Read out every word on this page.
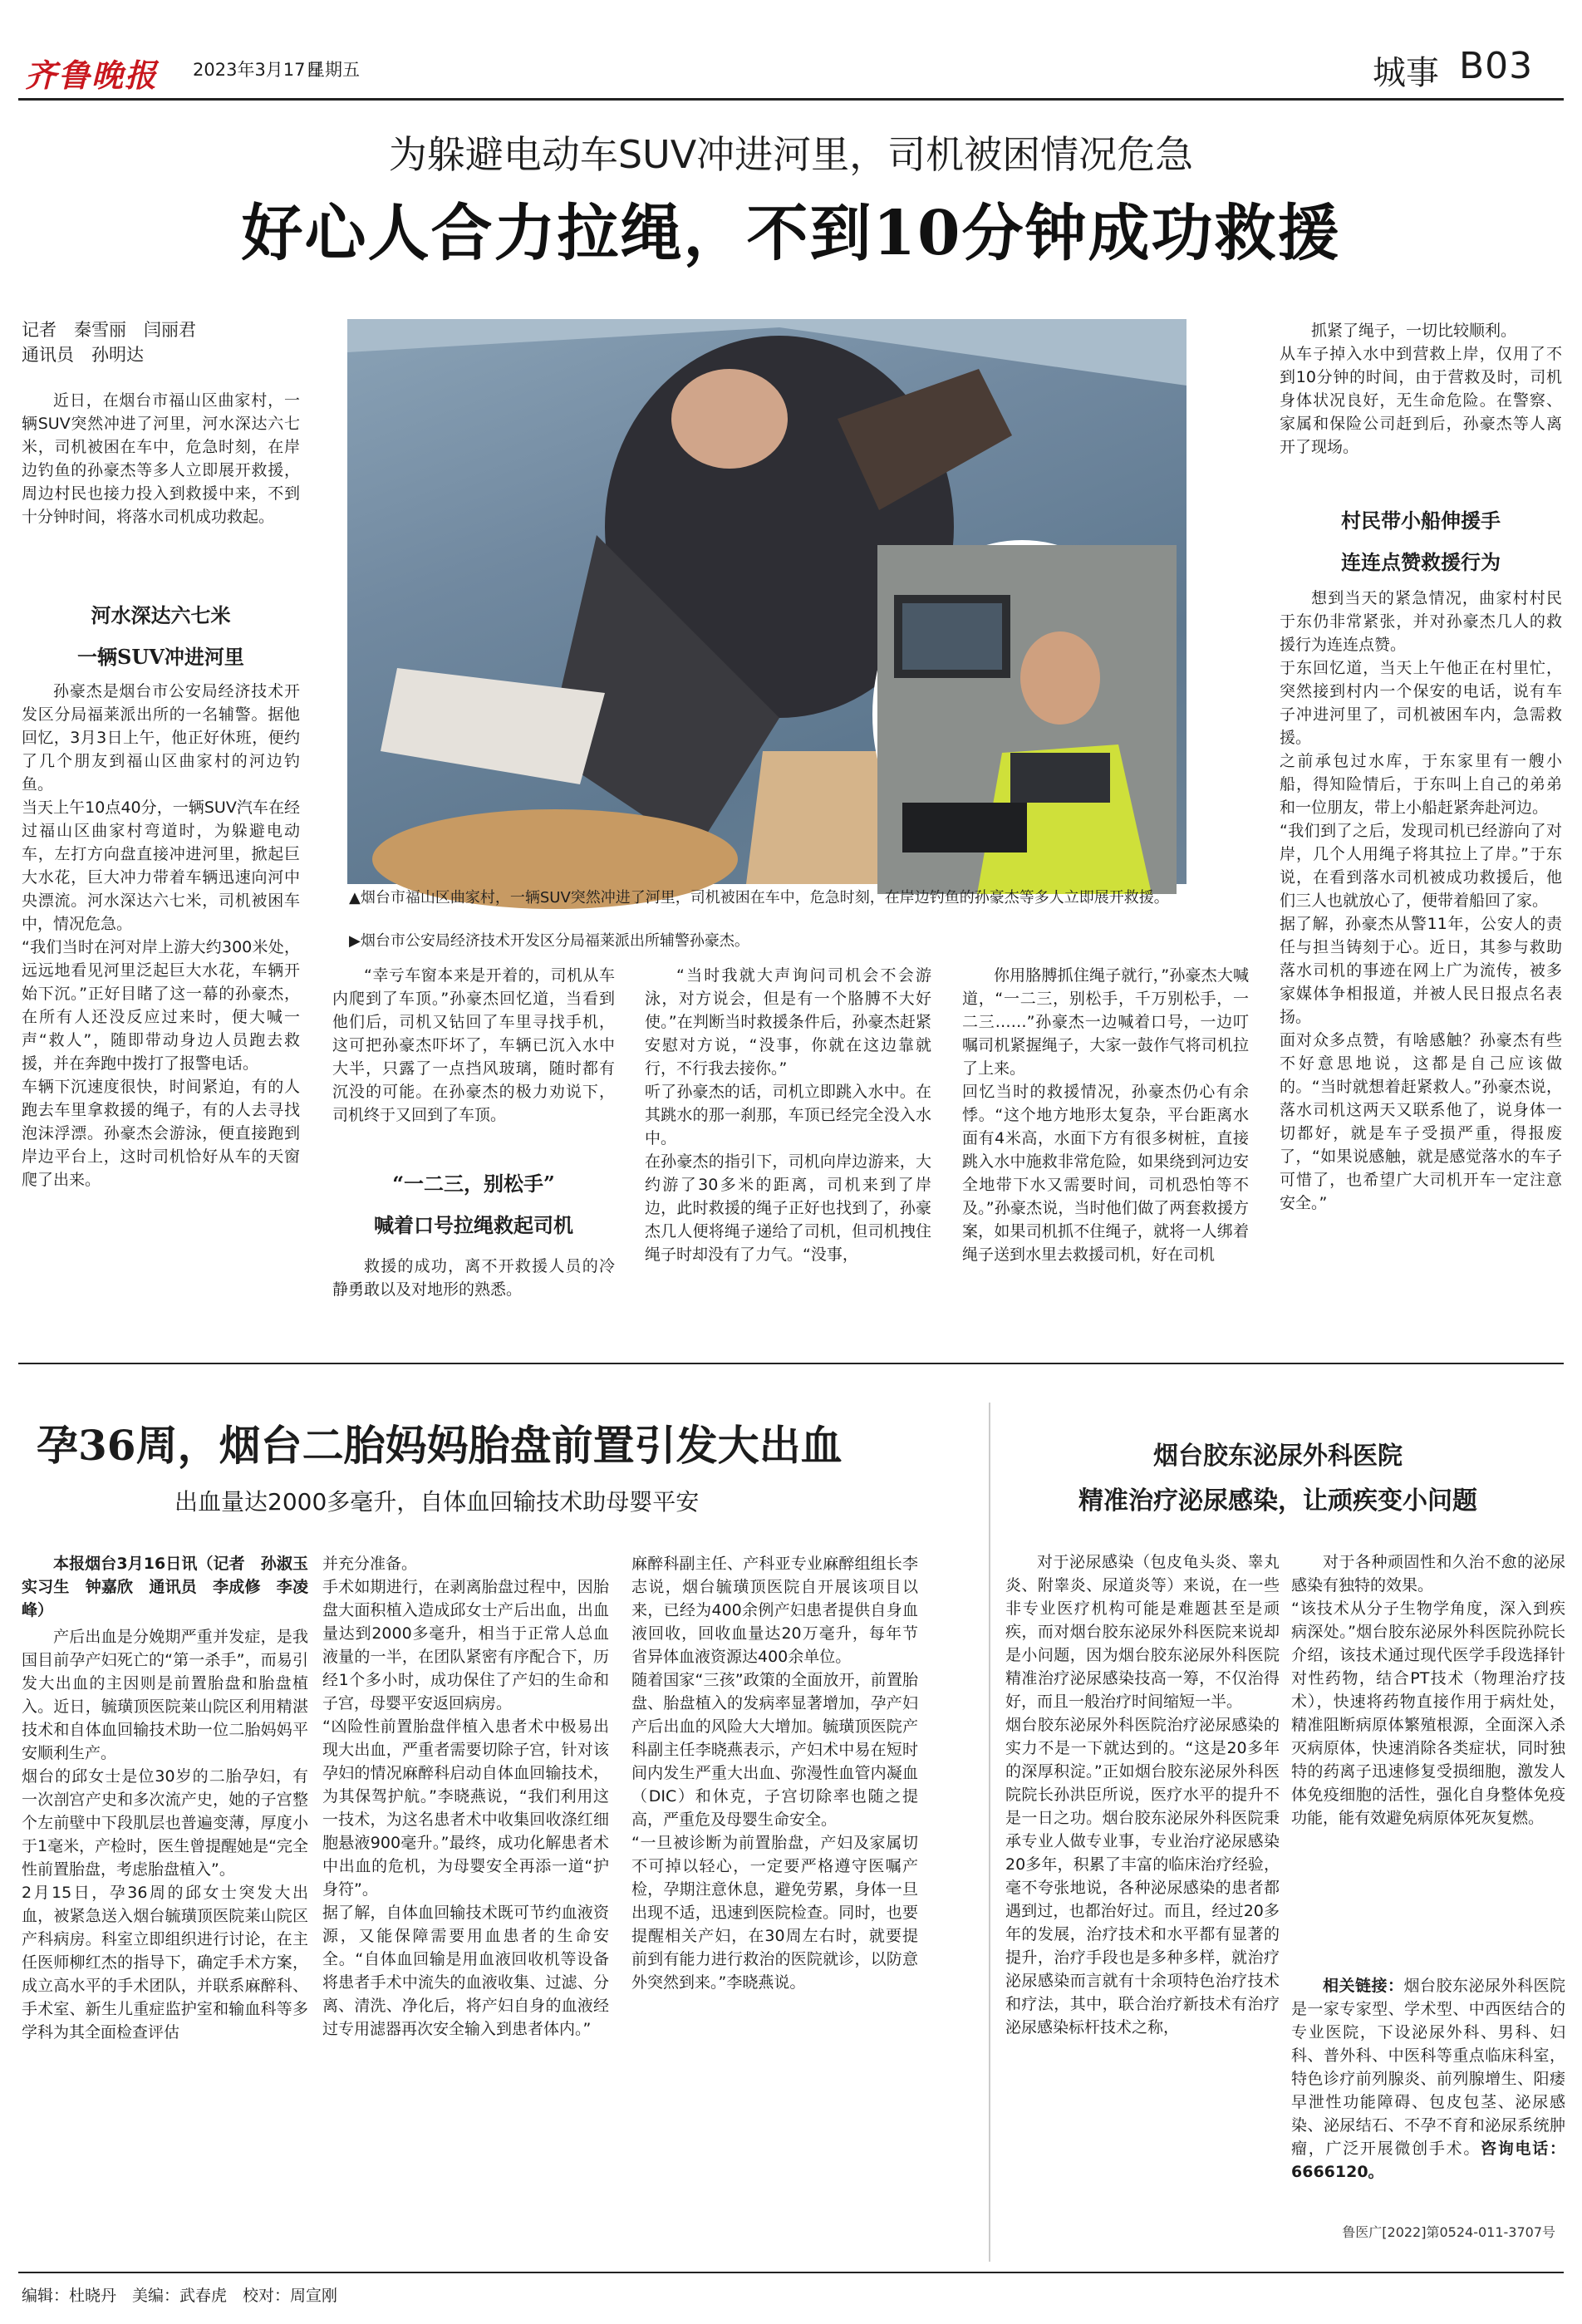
齐鲁晚报 2023年3月17日
星期五	城事 B03
为躲避电动车SUV冲进河里，司机被困情况危急
好心人合力拉绳，不到10分钟成功救援
记者　秦雪丽　闫丽君
通讯员　孙明达
近日，在烟台市福山区曲家村，一辆SUV突然冲进了河里，河水深达六七米，司机被困在车中，危急时刻，在岸边钓鱼的孙豪杰等多人立即展开救援，周边村民也接力投入到救援中来，不到十分钟时间，将落水司机成功救起。
河水深达六七米
一辆SUV冲进河里
孙豪杰是烟台市公安局经济技术开发区分局福莱派出所的一名辅警。据他回忆，3月3日上午，他正好休班，便约了几个朋友到福山区曲家村的河边钓鱼。
当天上午10点40分，一辆SUV汽车在经过福山区曲家村弯道时，为躲避电动车，左打方向盘直接冲进河里，掀起巨大水花，巨大冲力带着车辆迅速向河中央漂流。河水深达六七米，司机被困车中，情况危急。
“我们当时在河对岸上游大约300米处，远远地看见河里泛起巨大水花，车辆开始下沉。”正好目睹了这一幕的孙豪杰，在所有人还没反应过来时，便大喊一声“救人”，随即带动身边人员跑去救援，并在奔跑中拨打了报警电话。
车辆下沉速度很快，时间紧迫，有的人跑去车里拿救援的绳子，有的人去寻找泡沫浮漂。孙豪杰会游泳，便直接跑到岸边平台上，这时司机恰好从车的天窗爬了出来。
▲烟台市福山区曲家村，一辆SUV突然冲进了河里，司机被困在车中，危急时刻，在岸边钓鱼的孙豪杰等多人立即展开救援。
▶烟台市公安局经济技术开发区分局福莱派出所辅警孙豪杰。
“幸亏车窗本来是开着的，司机从车内爬到了车顶。”孙豪杰回忆道，当看到他们后，司机又钻回了车里寻找手机，这可把孙豪杰吓坏了，车辆已沉入水中大半，只露了一点挡风玻璃，随时都有沉没的可能。在孙豪杰的极力劝说下，司机终于又回到了车顶。
“一二三，别松手”
喊着口号拉绳救起司机
救援的成功，离不开救援人员的冷静勇敢以及对地形的熟悉。
“当时我就大声询问司机会不会游泳，对方说会，但是有一个胳膊不大好使。”在判断当时救援条件后，孙豪杰赶紧安慰对方说，“没事，你就在这边靠就行，不行我去接你。”
听了孙豪杰的话，司机立即跳入水中。在其跳水的那一刹那，车顶已经完全没入水中。
在孙豪杰的指引下，司机向岸边游来，大约游了30多米的距离，司机来到了岸边，此时救援的绳子正好也找到了，孙豪杰几人便将绳子递给了司机，但司机拽住绳子时却没有了力气。“没事，
你用胳膊抓住绳子就行，”孙豪杰大喊道，“一二三，别松手，千万别松手，一二三……”孙豪杰一边喊着口号，一边叮嘱司机紧握绳子，大家一鼓作气将司机拉了上来。
回忆当时的救援情况，孙豪杰仍心有余悸。“这个地方地形太复杂，平台距离水面有4米高，水面下方有很多树桩，直接跳入水中施救非常危险，如果绕到河边安全地带下水又需要时间，司机恐怕等不及。”孙豪杰说，当时他们做了两套救援方案，如果司机抓不住绳子，就将一人绑着绳子送到水里去救援司机，好在司机
抓紧了绳子，一切比较顺利。
从车子掉入水中到营救上岸，仅用了不到10分钟的时间，由于营救及时，司机身体状况良好，无生命危险。在警察、家属和保险公司赶到后，孙豪杰等人离开了现场。
村民带小船伸援手
连连点赞救援行为
想到当天的紧急情况，曲家村村民于东仍非常紧张，并对孙豪杰几人的救援行为连连点赞。
于东回忆道，当天上午他正在村里忙，突然接到村内一个保安的电话，说有车子冲进河里了，司机被困车内，急需救援。
之前承包过水库，于东家里有一艘小船，得知险情后，于东叫上自己的弟弟和一位朋友，带上小船赶紧奔赴河边。
“我们到了之后，发现司机已经游向了对岸，几个人用绳子将其拉上了岸。”于东说，在看到落水司机被成功救援后，他们三人也就放心了，便带着船回了家。
据了解，孙豪杰从警11年，公安人的责任与担当铸刻于心。近日，其参与救助落水司机的事迹在网上广为流传，被多家媒体争相报道，并被人民日报点名表扬。
面对众多点赞，有啥感触？孙豪杰有些不好意思地说，这都是自己应该做的。“当时就想着赶紧救人。”孙豪杰说，落水司机这两天又联系他了，说身体一切都好，就是车子受损严重，得报废了，“如果说感触，就是感觉落水的车子可惜了，也希望广大司机开车一定注意安全。”
孕36周，烟台二胎妈妈胎盘前置引发大出血
出血量达2000多毫升，自体血回输技术助母婴平安
本报烟台3月16日讯（记者　孙淑玉　实习生　钟嘉欣　通讯员　李成修　李凌峰）
产后出血是分娩期严重并发症，是我国目前孕产妇死亡的“第一杀手”，而易引发大出血的主因则是前置胎盘和胎盘植入。近日，毓璜顶医院莱山院区利用精湛技术和自体血回输技术助一位二胎妈妈平安顺利生产。
烟台的邱女士是位30岁的二胎孕妇，有一次剖宫产史和多次流产史，她的子宫整个左前壁中下段肌层也普遍变薄，厚度小于1毫米，产检时，医生曾提醒她是“完全性前置胎盘，考虑胎盘植入”。
2月15日，孕36周的邱女士突发大出血，被紧急送入烟台毓璜顶医院莱山院区产科病房。科室立即组织进行讨论，在主任医师柳红杰的指导下，确定手术方案，成立高水平的手术团队，并联系麻醉科、手术室、新生儿重症监护室和输血科等多学科为其全面检查评估
并充分准备。
手术如期进行，在剥离胎盘过程中，因胎盘大面积植入造成邱女士产后出血，出血量达到2000多毫升，相当于正常人总血液量的一半，在团队紧密有序配合下，历经1个多小时，成功保住了产妇的生命和子宫，母婴平安返回病房。
“凶险性前置胎盘伴植入患者术中极易出现大出血，严重者需要切除子宫，针对该孕妇的情况麻醉科启动自体血回输技术，为其保驾护航。”李晓燕说，“我们利用这一技术，为这名患者术中收集回收涤红细胞悬液900毫升。”最终，成功化解患者术中出血的危机，为母婴安全再添一道“护身符”。
据了解，自体血回输技术既可节约血液资源，又能保障需要用血患者的生命安全。“自体血回输是用血液回收机等设备将患者手术中流失的血液收集、过滤、分离、清洗、净化后，将产妇自身的血液经过专用滤器再次安全输入到患者体内。”
麻醉科副主任、产科亚专业麻醉组组长李志说，烟台毓璜顶医院自开展该项目以来，已经为400余例产妇患者提供自身血液回收，回收血量达20万毫升，每年节省异体血液资源达400余单位。
随着国家“三孩”政策的全面放开，前置胎盘、胎盘植入的发病率显著增加，孕产妇产后出血的风险大大增加。毓璜顶医院产科副主任李晓燕表示，产妇术中易在短时间内发生严重大出血、弥漫性血管内凝血（DIC）和休克，子宫切除率也随之提高，严重危及母婴生命安全。
“一旦被诊断为前置胎盘，产妇及家属切不可掉以轻心，一定要严格遵守医嘱产检，孕期注意休息，避免劳累，身体一旦出现不适，迅速到医院检查。同时，也要提醒相关产妇，在30周左右时，就要提前到有能力进行救治的医院就诊，以防意外突然到来。”李晓燕说。
烟台胶东泌尿外科医院
精准治疗泌尿感染，让顽疾变小问题
对于泌尿感染（包皮龟头炎、睾丸炎、附睾炎、尿道炎等）来说，在一些非专业医疗机构可能是难题甚至是顽疾，而对烟台胶东泌尿外科医院来说却是小问题，因为烟台胶东泌尿外科医院精准治疗泌尿感染技高一筹，不仅治得好，而且一般治疗时间缩短一半。
烟台胶东泌尿外科医院治疗泌尿感染的实力不是一下就达到的。“这是20多年的深厚积淀。”正如烟台胶东泌尿外科医院院长孙洪臣所说，医疗水平的提升不是一日之功。烟台胶东泌尿外科医院秉承专业人做专业事，专业治疗泌尿感染20多年，积累了丰富的临床治疗经验，毫不夸张地说，各种泌尿感染的患者都遇到过，也都治好过。而且，经过20多年的发展，治疗技术和水平都有显著的提升，治疗手段也是多种多样，就治疗泌尿感染而言就有十余项特色治疗技术和疗法，其中，联合治疗新技术有治疗泌尿感染标杆技术之称，
对于各种顽固性和久治不愈的泌尿感染有独特的效果。
“该技术从分子生物学角度，深入到疾病深处。”烟台胶东泌尿外科医院孙院长介绍，该技术通过现代医学手段选择针对性药物，结合PT技术（物理治疗技术），快速将药物直接作用于病灶处，精准阻断病原体繁殖根源，全面深入杀灭病原体，快速消除各类症状，同时独特的药离子迅速修复受损细胞，激发人体免疫细胞的活性，强化自身整体免疫功能，能有效避免病原体死灰复燃。
相关链接：烟台胶东泌尿外科医院是一家专家型、学术型、中西医结合的专业医院，下设泌尿外科、男科、妇科、普外科、中医科等重点临床科室，特色诊疗前列腺炎、前列腺增生、阳痿早泄性功能障碍、包皮包茎、泌尿感染、泌尿结石、不孕不育和泌尿系统肿瘤，广泛开展微创手术。咨询电话：6666120。
鲁医广[2022]第0524-011-3707号
编辑：杜晓丹　美编：武春虎　校对：周宣刚
